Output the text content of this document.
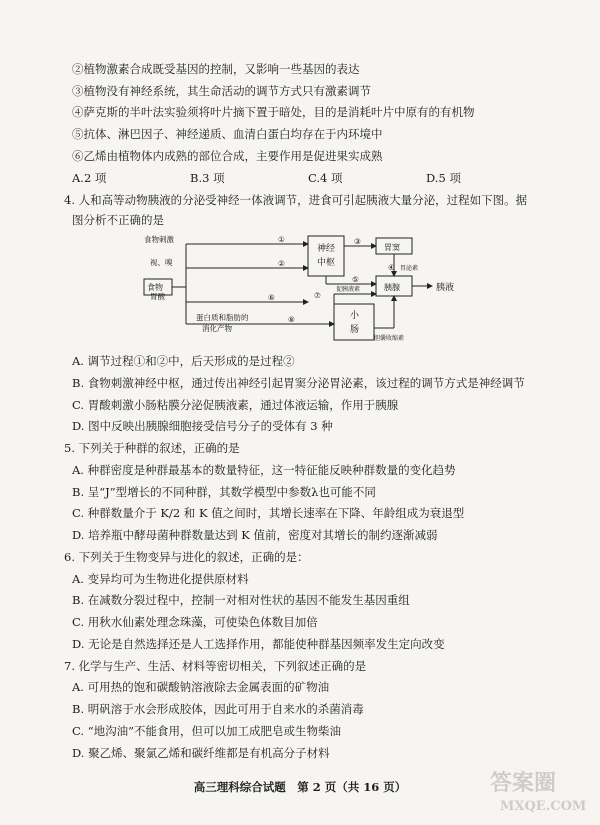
②植物激素合成既受基因的控制，又影响一些基因的表达
③植物没有神经系统，其生命活动的调节方式只有激素调节
④萨克斯的半叶法实验须将叶片摘下置于暗处，目的是消耗叶片中原有的有机物
⑤抗体、淋巴因子、神经递质、血清白蛋白均存在于内环境中
⑥乙烯由植物体内成熟的部位合成，主要作用是促进果实成熟
A.2 项	B.3 项	C.4 项	D.5 项
4. 人和高等动物胰液的分泌受神经一体液调节，进食可引起胰液大量分泌，过程如下图。据
图分析不正确的是
食物刺激
视、嗅
胃酸
蛋白质和脂肪的
消化产物
食物
神经
中枢
胃窦
胃泌素
胰腺	胰液
促胰液素
小
肠
胆囊收缩素
①
②
③
④
⑤
⑥	⑦
⑧
A. 调节过程①和②中，后天形成的是过程②
B. 食物刺激神经中枢，通过传出神经引起胃窦分泌胃泌素，该过程的调节方式是神经调节
C. 胃酸刺激小肠粘膜分泌促胰液素，通过体液运输，作用于胰腺
D. 图中反映出胰腺细胞接受信号分子的受体有 3 种
5. 下列关于种群的叙述，正确的是
A. 种群密度是种群最基本的数量特征，这一特征能反映种群数量的变化趋势
B. 呈“J”型增长的不同种群，其数学模型中参数λ也可能不同
C. 种群数量介于 K/2 和 K 值之间时，其增长速率在下降、年龄组成为衰退型
D. 培养瓶中酵母菌种群数量达到 K 值前，密度对其增长的制约逐渐减弱
6. 下列关于生物变异与进化的叙述，正确的是：
A. 变异均可为生物进化提供原材料
B. 在减数分裂过程中，控制一对相对性状的基因不能发生基因重组
C. 用秋水仙素处理念珠藻，可使染色体数目加倍
D. 无论是自然选择还是人工选择作用，都能使种群基因频率发生定向改变
7. 化学与生产、生活、材料等密切相关，下列叙述正确的是
A. 可用热的饱和碳酸钠溶液除去金属表面的矿物油
B. 明矾溶于水会形成胶体，因此可用于自来水的杀菌消毒
C. “地沟油”不能食用，但可以加工成肥皂或生物柴油
D. 聚乙烯、聚氯乙烯和碳纤维都是有机高分子材料
高三理科综合试题　第 2 页（共 16 页）	答案圈
MXQE.COM
